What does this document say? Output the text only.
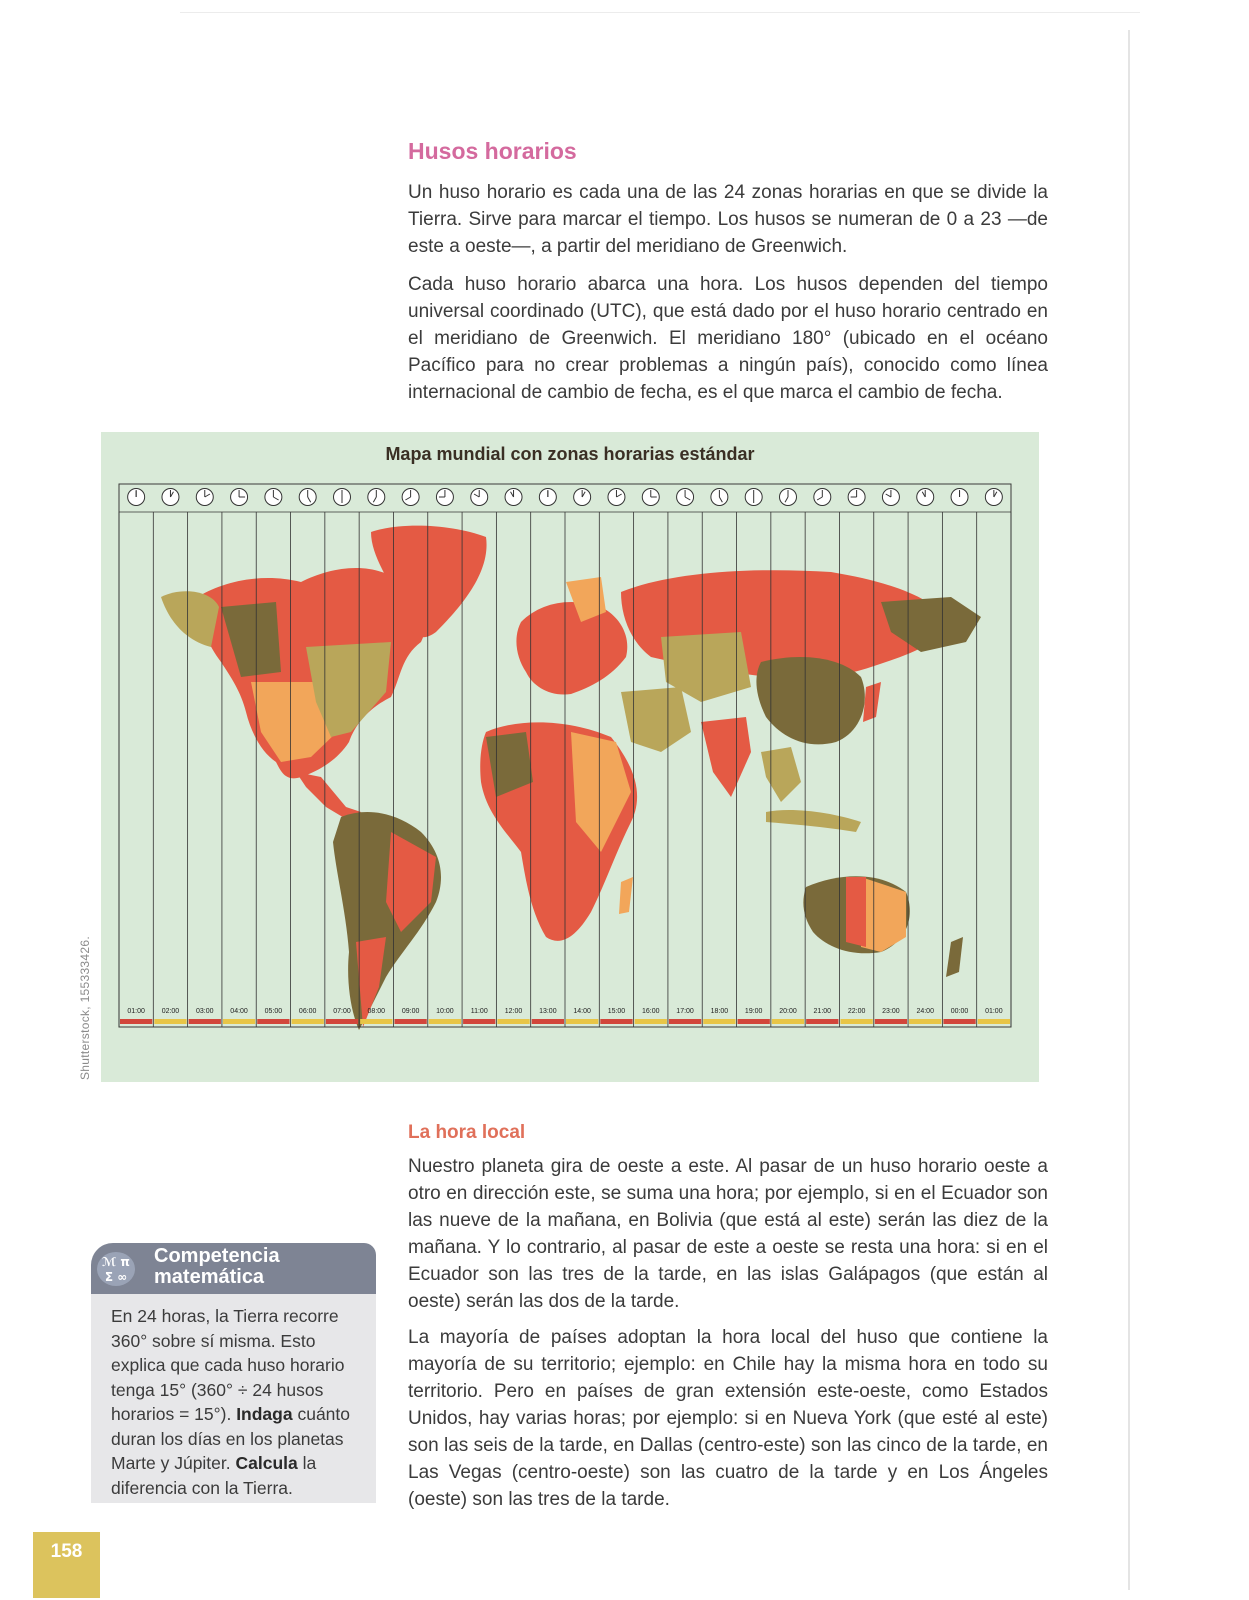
Husos horarios

Un huso horario es cada una de las 24 zonas horarias en que se divide la Tierra. Sirve para marcar el tiempo. Los husos se numeran de 0 a 23 —de este a oeste—, a partir del meridiano de Greenwich.

Cada huso horario abarca una hora. Los husos dependen del tiempo universal coordinado (UTC), que está dado por el huso horario centrado en el meridiano de Greenwich. El meridiano 180° (ubicado en el océano Pacífico para no crear problemas a ningún país), conocido como línea internacional de cambio de fecha, es el que marca el cambio de fecha.

Mapa mundial con zonas horarias estándar
01:00 02:00 03:00 04:00 05:00 06:00 07:00 08:00 09:00 10:00 11:00 12:00 13:00 14:00 15:00 16:00 17:00 18:00 19:00 20:00 21:00 22:00 23:00 24:00 00:00 01:00
Shutterstock, 155333426.
La hora local

Nuestro planeta gira de oeste a este. Al pasar de un huso horario oeste a otro en dirección este, se suma una hora; por ejemplo, si en el Ecuador son las nueve de la mañana, en Bolivia (que está al este) serán las diez de la mañana. Y lo contrario, al pasar de este a oeste se resta una hora: si en el Ecuador son las tres de la tarde, en las islas Galápagos (que están al oeste) serán las dos de la tarde.

La mayoría de países adoptan la hora local del huso que contiene la mayoría de su territorio; ejemplo: en Chile hay la misma hora en todo su territorio. Pero en países de gran extensión este-oeste, como Estados Unidos, hay varias horas; por ejemplo: si en Nueva York (que esté al este) son las seis de la tarde, en Dallas (centro-este) son las cinco de la tarde, en Las Vegas (centro-oeste) son las cuatro de la tarde y en Los Ángeles (oeste) son las tres de la tarde.

ℳ π Σ ∞
Competencia
matemática
En 24 horas, la Tierra recorre 360° sobre sí misma. Esto explica que cada huso horario tenga 15° (360° ÷ 24 husos horarios = 15°). Indaga cuánto duran los días en los planetas Marte y Júpiter. Calcula la diferencia con la Tierra.
158
